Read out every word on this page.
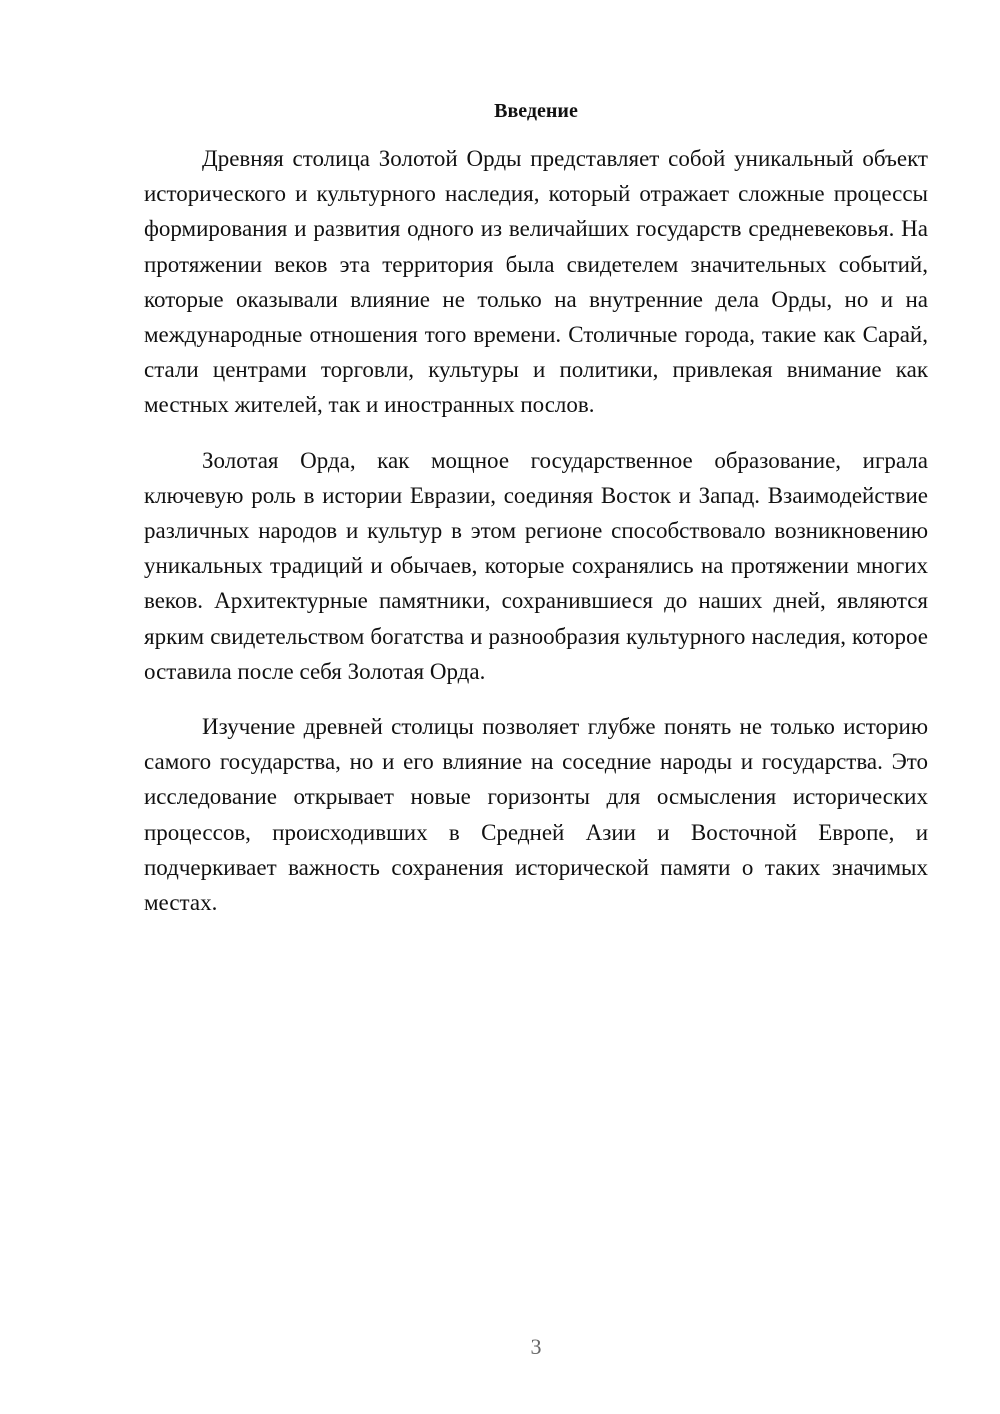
Введение

Древняя столица Золотой Орды представляет собой уникальный объект исторического и культурного наследия, который отражает сложные процессы формирования и развития одного из величайших государств средневековья. На протяжении веков эта территория была свидетелем значительных событий, которые оказывали влияние не только на внутренние дела Орды, но и на международные отношения того времени. Столичные города, такие как Сарай, стали центрами торговли, культуры и политики, привлекая внимание как местных жителей, так и иностранных послов.

Золотая Орда, как мощное государственное образование, играла ключевую роль в истории Евразии, соединяя Восток и Запад. Взаимодействие различных народов и культур в этом регионе способствовало возникновению уникальных традиций и обычаев, которые сохранялись на протяжении многих веков. Архитектурные памятники, сохранившиеся до наших дней, являются ярким свидетельством богатства и разнообразия культурного наследия, которое оставила после себя Золотая Орда.

Изучение древней столицы позволяет глубже понять не только историю самого государства, но и его влияние на соседние народы и государства. Это исследование открывает новые горизонты для осмысления исторических процессов, происходивших в Средней Азии и Восточной Европе, и подчеркивает важность сохранения исторической памяти о таких значимых местах.

3
